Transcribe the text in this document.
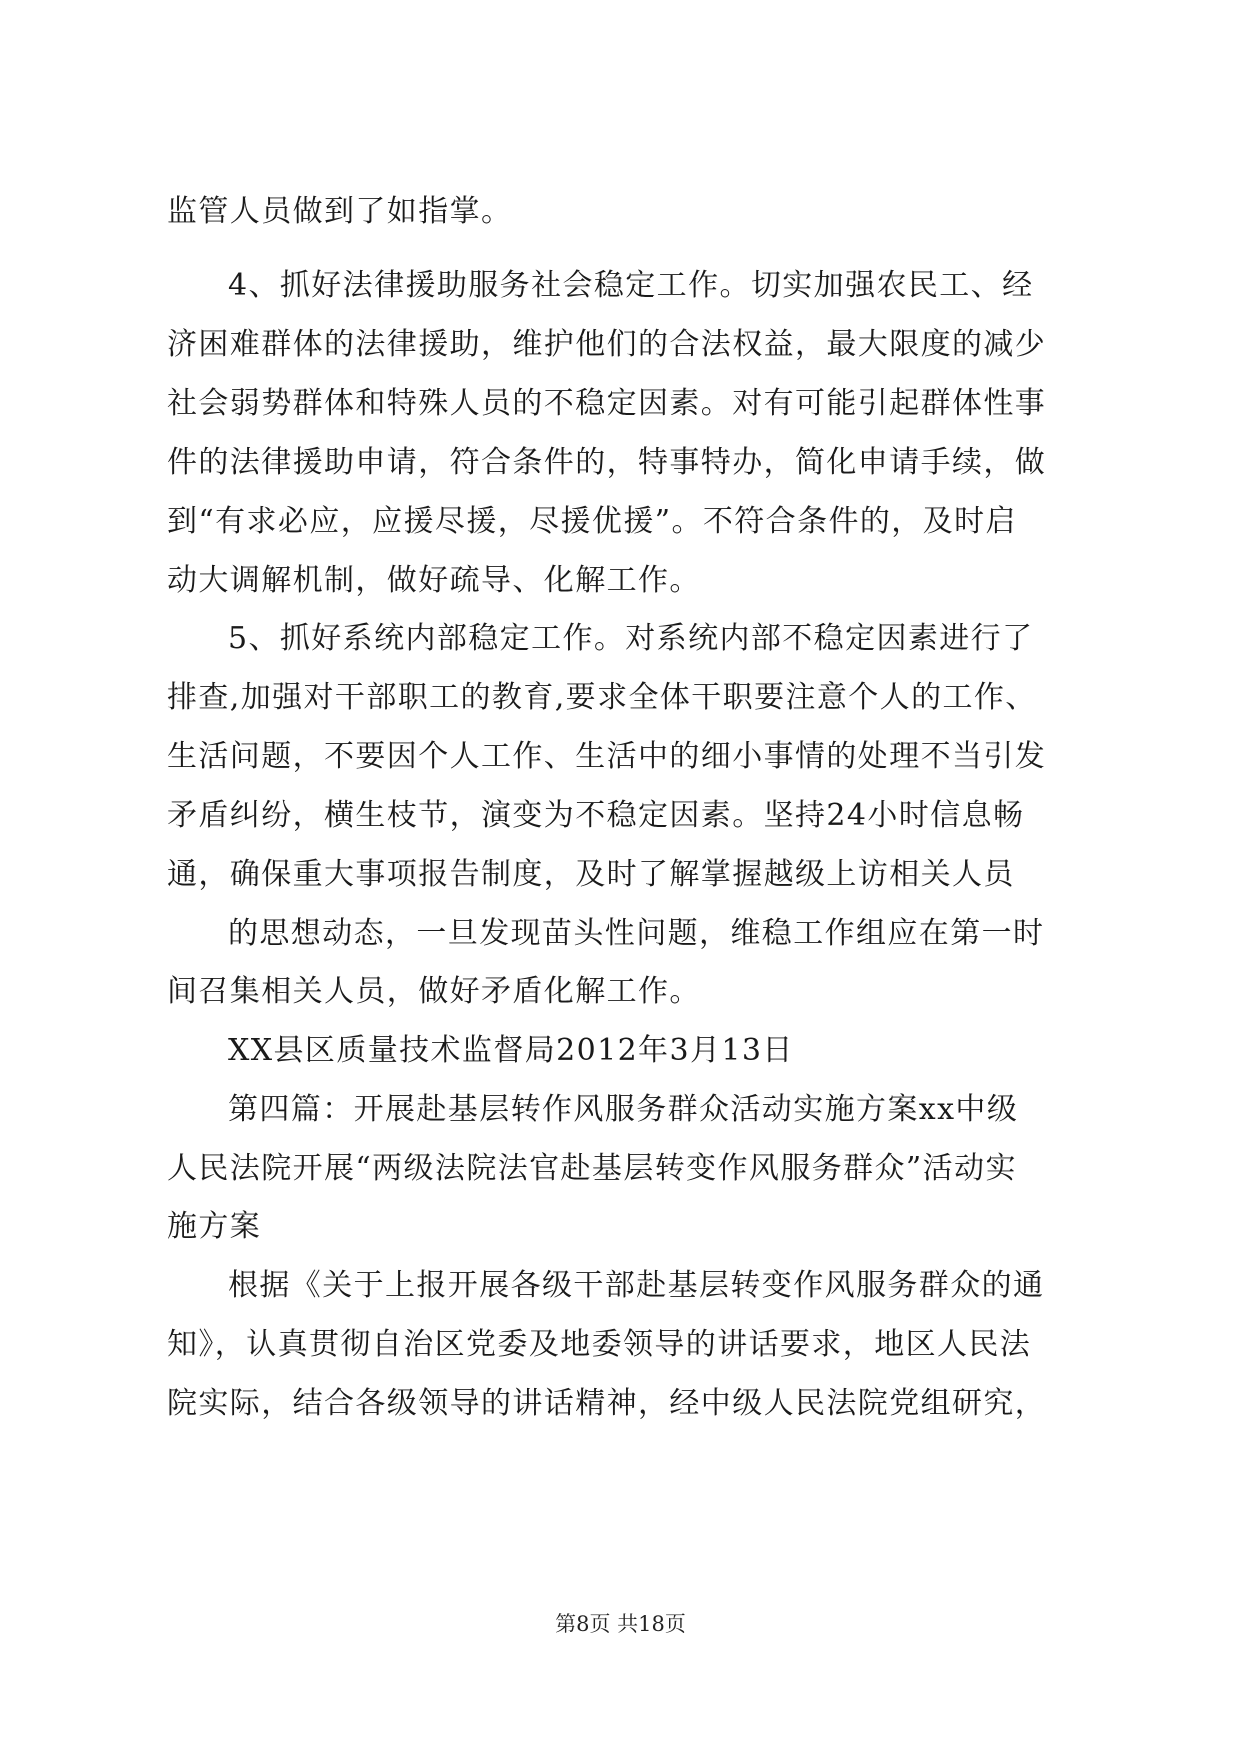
监管人员做到了如指掌。
4、抓好法律援助服务社会稳定工作。切实加强农民工、经
济困难群体的法律援助，维护他们的合法权益，最大限度的减少
社会弱势群体和特殊人员的不稳定因素。对有可能引起群体性事
件的法律援助申请，符合条件的，特事特办，简化申请手续，做
到“有求必应，应援尽援，尽援优援”。不符合条件的，及时启
动大调解机制，做好疏导、化解工作。
5、抓好系统内部稳定工作。对系统内部不稳定因素进行了
排查,加强对干部职工的教育,要求全体干职要注意个人的工作、
生活问题，不要因个人工作、生活中的细小事情的处理不当引发
矛盾纠纷，横生枝节，演变为不稳定因素。坚持24小时信息畅
通，确保重大事项报告制度，及时了解掌握越级上访相关人员
的思想动态，一旦发现苗头性问题，维稳工作组应在第一时
间召集相关人员，做好矛盾化解工作。
XX县区质量技术监督局2012年3月13日
第四篇：开展赴基层转作风服务群众活动实施方案xx中级
人民法院开展“两级法院法官赴基层转变作风服务群众”活动实
施方案
根据《关于上报开展各级干部赴基层转变作风服务群众的通
知》，认真贯彻自治区党委及地委领导的讲话要求，地区人民法
院实际，结合各级领导的讲话精神，经中级人民法院党组研究，
第8页 共18页
